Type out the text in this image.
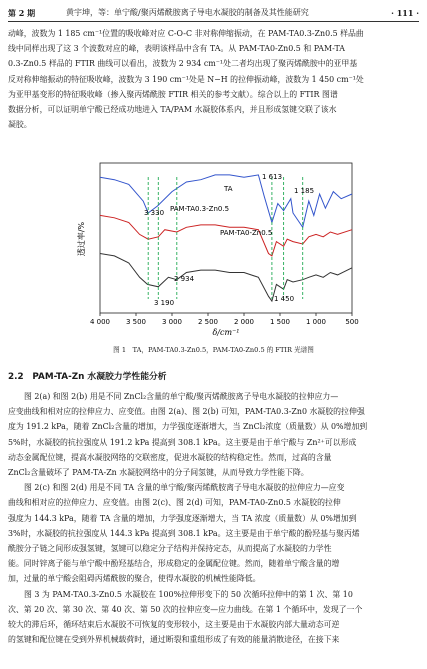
第 2 期	黄宇坤，等：单宁酸/聚丙烯酰胺离子导电水凝胶的制备及其性能研究	· 111 ·

动峰，波数为 1 185 cm⁻¹位置的吸收峰对应 C-O-C 非对称伸缩振动，在 PAM-TA0.3-Zn0.5 样品曲

线中同样出现了这 3 个波数对应的峰，表明该样品中含有 TA。从 PAM-TA0-Zn0.5 和 PAM-TA

0.3-Zn0.5 样品的 FTIR 曲线可以看出，波数为 2 934 cm⁻¹处二者均出现了聚丙烯酰胺中的亚甲基

反对称伸缩振动的特征吸收峰，波数为 3 190 cm⁻¹处是 N−H 的拉伸振动峰，波数为 1 450 cm⁻¹处

为亚甲基变形的特征吸收峰（掺入聚丙烯酰胺 FTIR 相关的参考文献）。综合以上的 FTIR 图谱

数据分析，可以证明单宁酸已经成功地进入 TA/PAM 水凝胶体系内，并且形成氢键交联了该水

凝胶。

透过率/%
δ/cm⁻¹
4 000 3 500 3 000 2 500 2 000 1 500 1 000	500
TA
PAM-TA0.3-Zn0.5
PAM-TA0-Zn0.5
3 330
1 613
1 185
2 934
3 190	1 450
图 1　TA，PAM-TA0.3-Zn0.5，PAM-TA0-Zn0.5 的 FTIR 光谱图
2.2　PAM-TA-Zn 水凝胶力学性能分析

图 2(a) 和图 2(b) 用是不同 ZnCl₂含量的单宁酸/聚丙烯酰胺离子导电水凝胶的拉伸应力—

应变曲线和相对应的拉伸应力、应变值。由图 2(a)、图 2(b) 可知，PAM-TA0.3-Zn0 水凝胶的拉伸强

度为 191.2 kPa，随着 ZnCl₂含量的增加，力学强度逐渐增大，当 ZnCl₂浓度（质量数）从 0%增加到

5%时，水凝胶的抗拉强度从 191.2 kPa 提高到 308.1 kPa。这主要是由于单宁酸与 Zn²⁺可以形成

动态金属配位键，提高水凝胶网络的交联密度，促进水凝胶的结构稳定性。然而，过高的含量

ZnCl₂含量破坏了 PAM-TA-Zn 水凝胶网络中的分子间氢键，从而导致力学性能下降。

图 2(c) 和图 2(d) 用是不同 TA 含量的单宁酸/聚丙烯酰胺离子导电水凝胶的拉伸应力—应变

曲线和相对应的拉伸应力、应变值。由图 2(c)、图 2(d) 可知，PAM-TA0-Zn0.5 水凝胶的拉伸

强度为 144.3 kPa，随着 TA 含量的增加，力学强度逐渐增大，当 TA 浓度（质量数）从 0%增加到

3%时，水凝胶的抗拉强度从 144.3 kPa 提高到 308.1 kPa。这主要是由于单宁酸的酚羟基与聚丙烯

酰胺分子链之间形成强氢键，氢键可以稳定分子结构并保持定态，从而提高了水凝胶的力学性

能。同时锌离子能与单宁酸中酚羟基结合，形成稳定的金属配位键。然而，随着单宁酸含量的增

加，过量的单宁酸会阻碍丙烯酰胺的聚合，使得水凝胶的机械性能降低。

图 3 为 PAM-TA0.3-Zn0.5 水凝胶在 100%拉伸形变下的 50 次循环拉伸中的第 1 次、第 10

次、第 20 次、第 30 次、第 40 次、第 50 次的拉伸应变—应力曲线。在第 1 个循环中，发现了一个

较大的滞后环，循环结束后水凝胶不可恢复的变形较小，这主要是由于水凝胶内部大量动态可逆

的氢键和配位键在受到外界机械载荷时，通过断裂和重组形成了有效的能量消散途径，在接下来
